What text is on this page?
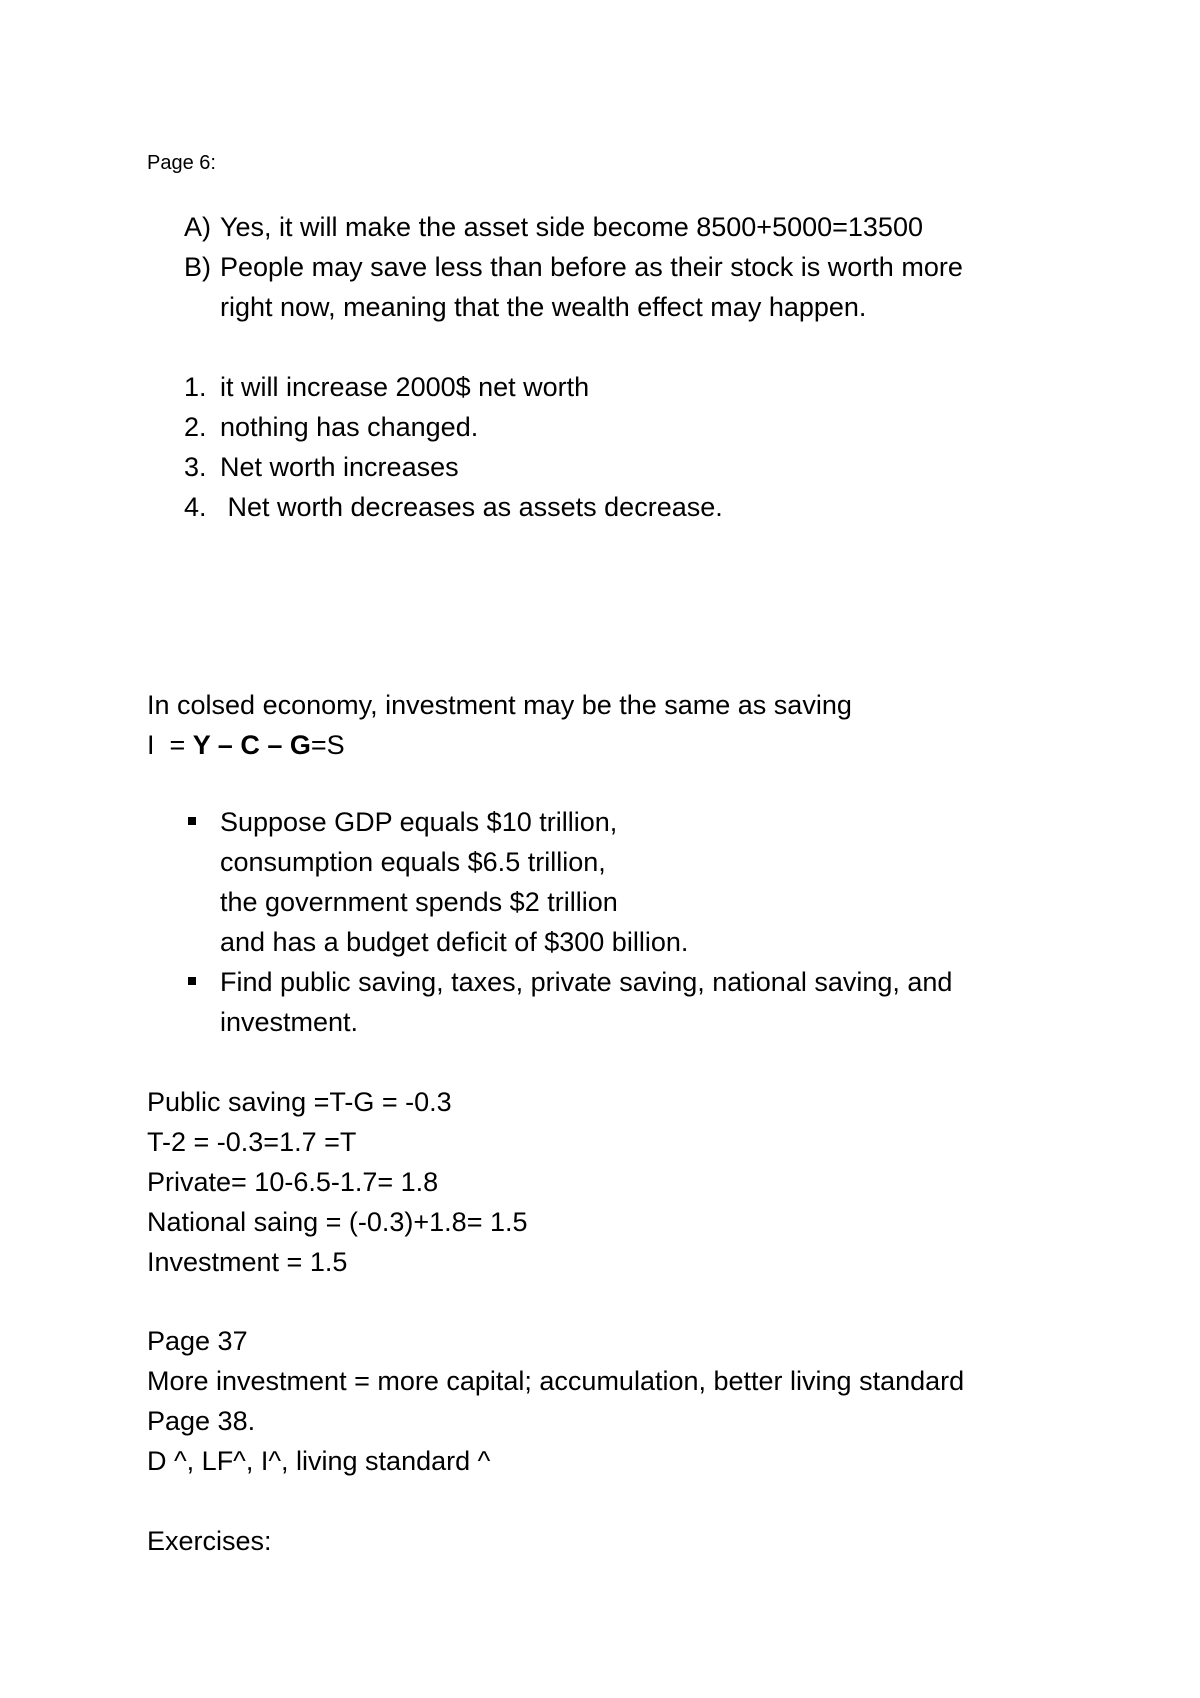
Page 6:
A) Yes, it will make the asset side become 8500+5000=13500
B) People may save less than before as their stock is worth more
right now, meaning that the wealth effect may happen.
1. it will increase 2000$ net worth
2. nothing has changed.
3. Net worth increases
4. Net worth decreases as assets decrease.
In colsed economy, investment may be the same as saving
I  = Y – C – G=S
Suppose GDP equals $10 trillion,
consumption equals $6.5 trillion,
the government spends $2 trillion
and has a budget deficit of $300 billion.
Find public saving, taxes, private saving, national saving, and
investment.
Public saving =T-G = -0.3
T-2 = -0.3=1.7 =T
Private= 10-6.5-1.7= 1.8
National saing = (-0.3)+1.8= 1.5
Investment = 1.5
Page 37
More investment = more capital; accumulation, better living standard
Page 38.
D ^, LF^, I^, living standard ^
Exercises:
